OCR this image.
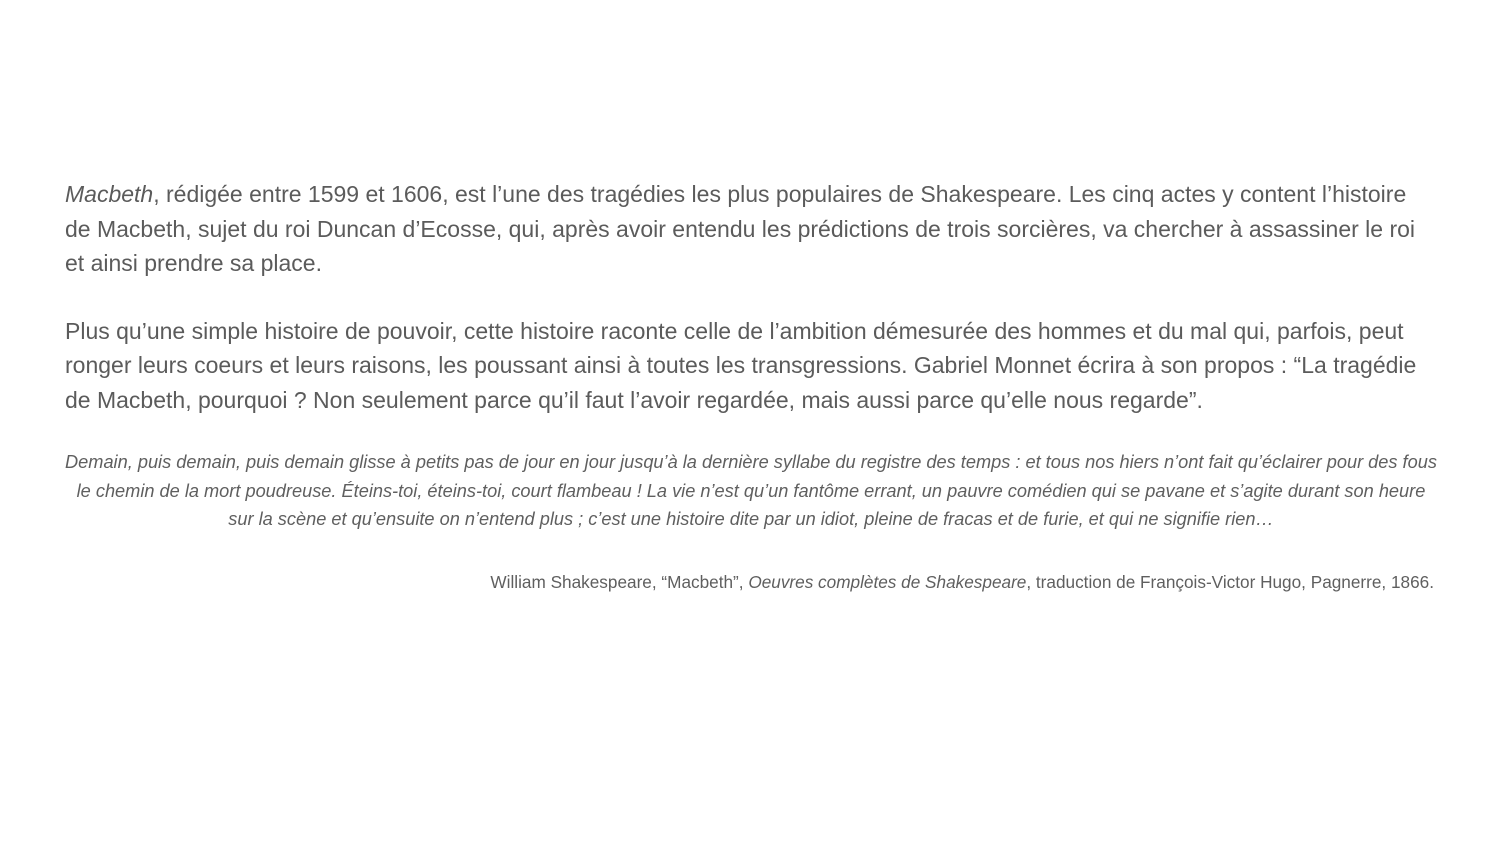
Macbeth, rédigée entre 1599 et 1606, est l’une des tragédies les plus populaires de Shakespeare. Les cinq actes y content l’histoire de Macbeth, sujet du roi Duncan d’Ecosse, qui, après avoir entendu les prédictions de trois sorcières, va chercher à assassiner le roi et ainsi prendre sa place.

Plus qu’une simple histoire de pouvoir, cette histoire raconte celle de l’ambition démesurée des hommes et du mal qui, parfois, peut ronger leurs coeurs et leurs raisons, les poussant ainsi à toutes les transgressions. Gabriel Monnet écrira à son propos : “La tragédie de Macbeth, pourquoi ? Non seulement parce qu’il faut l’avoir regardée, mais aussi parce qu’elle nous regarde”.

Demain, puis demain, puis demain glisse à petits pas de jour en jour jusqu’à la dernière syllabe du registre des temps : et tous nos hiers n’ont fait qu’éclairer pour des fous le chemin de la mort poudreuse. Éteins-toi, éteins-toi, court flambeau ! La vie n’est qu’un fantôme errant, un pauvre comédien qui se pavane et s’agite durant son heure sur la scène et qu’ensuite on n’entend plus ; c’est une histoire dite par un idiot, pleine de fracas et de furie, et qui ne signifie rien…

William Shakespeare, “Macbeth”, Oeuvres complètes de Shakespeare, traduction de François-Victor Hugo, Pagnerre, 1866.
